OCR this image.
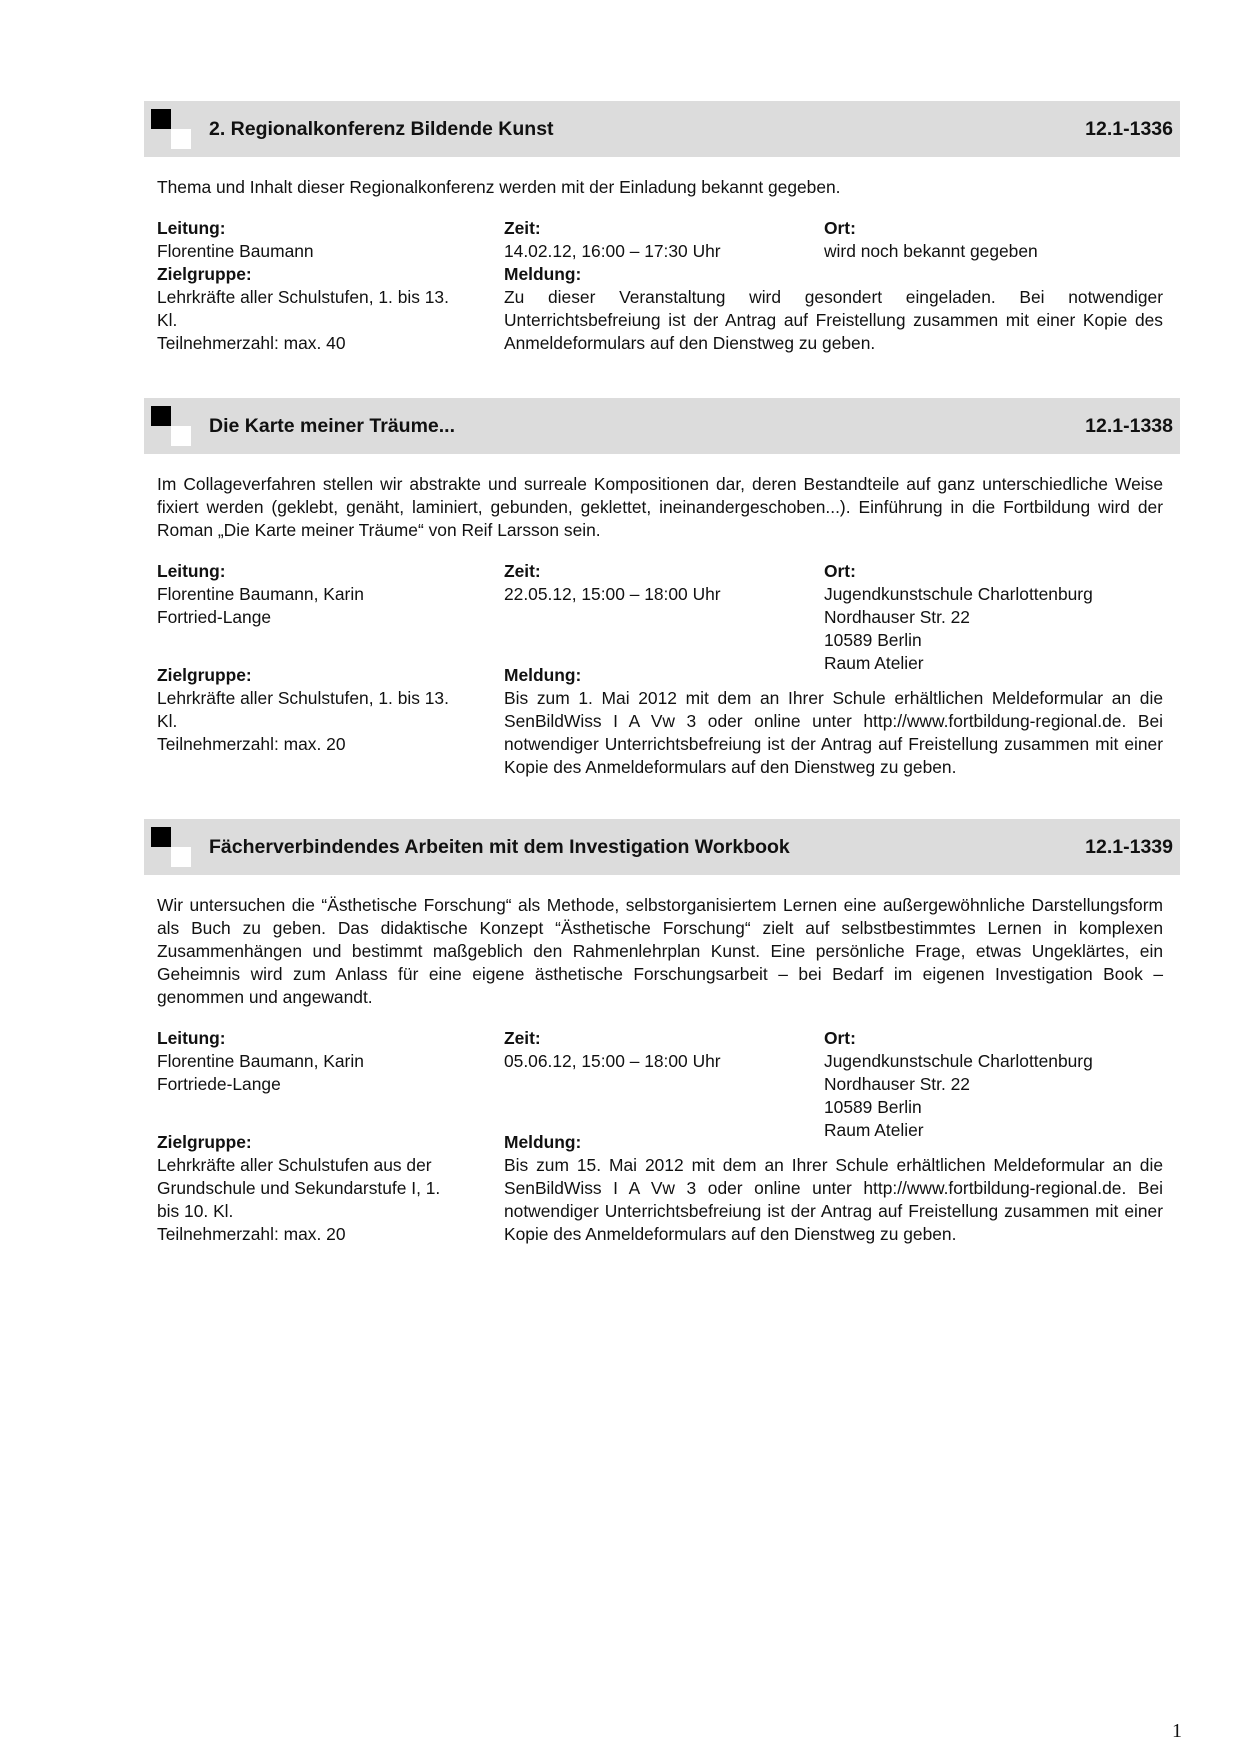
2. Regionalkonferenz Bildende Kunst	12.1-1336
Thema und Inhalt dieser Regionalkonferenz werden mit der Einladung bekannt gegeben.
Leitung:
Florentine Baumann
Zeit:
14.02.12, 16:00 – 17:30 Uhr
Ort:
wird noch bekannt gegeben
Zielgruppe:
Lehrkräfte aller Schulstufen, 1. bis 13.
Kl.
Teilnehmerzahl: max. 40
Meldung:
Zu dieser Veranstaltung wird gesondert eingeladen. Bei notwendiger Unterrichtsbefreiung ist der Antrag auf Freistellung zusammen mit einer Kopie des Anmeldeformulars auf den Dienstweg zu geben.
Die Karte meiner Träume...	12.1-1338
Im Collageverfahren stellen wir abstrakte und surreale Kompositionen dar, deren Bestandteile auf ganz unterschiedliche Weise fixiert werden (geklebt, genäht, laminiert, gebunden, geklettet, ineinandergeschoben...). Einführung in die Fortbildung wird der Roman „Die Karte meiner Träume“ von Reif Larsson sein.
Leitung:
Florentine Baumann, Karin
Fortried-Lange
Zeit:
22.05.12, 15:00 – 18:00 Uhr
Ort:
Jugendkunstschule Charlottenburg
Nordhauser Str. 22
10589 Berlin
Raum Atelier
Zielgruppe:
Lehrkräfte aller Schulstufen, 1. bis 13.
Kl.
Teilnehmerzahl: max. 20
Meldung:
Bis zum 1. Mai 2012 mit dem an Ihrer Schule erhältlichen Meldeformular an die SenBildWiss I A Vw 3 oder online unter http://www.fortbildung-regional.de. Bei notwendiger Unterrichtsbefreiung ist der Antrag auf Freistellung zusammen mit einer Kopie des Anmeldeformulars auf den Dienstweg zu geben.
Fächerverbindendes Arbeiten mit dem Investigation Workbook	12.1-1339
Wir untersuchen die “Ästhetische Forschung“ als Methode, selbstorganisiertem Lernen eine außergewöhnliche Darstellungsform als Buch zu geben. Das didaktische Konzept “Ästhetische Forschung“ zielt auf selbstbestimmtes Lernen in komplexen Zusammenhängen und bestimmt maßgeblich den Rahmenlehrplan Kunst. Eine persönliche Frage, etwas Ungeklärtes, ein Geheimnis wird zum Anlass für eine eigene ästhetische Forschungsarbeit – bei Bedarf im eigenen Investigation Book – genommen und angewandt.
Leitung:
Florentine Baumann, Karin
Fortriede-Lange
Zeit:
05.06.12, 15:00 – 18:00 Uhr
Ort:
Jugendkunstschule Charlottenburg
Nordhauser Str. 22
10589 Berlin
Raum Atelier
Zielgruppe:
Lehrkräfte aller Schulstufen aus der
Grundschule und Sekundarstufe I, 1.
bis 10. Kl.
Teilnehmerzahl: max. 20
Meldung:
Bis zum 15. Mai 2012 mit dem an Ihrer Schule erhältlichen Meldeformular an die SenBildWiss I A Vw 3 oder online unter http://www.fortbildung-regional.de. Bei notwendiger Unterrichtsbefreiung ist der Antrag auf Freistellung zusammen mit einer Kopie des Anmeldeformulars auf den Dienstweg zu geben.
1
